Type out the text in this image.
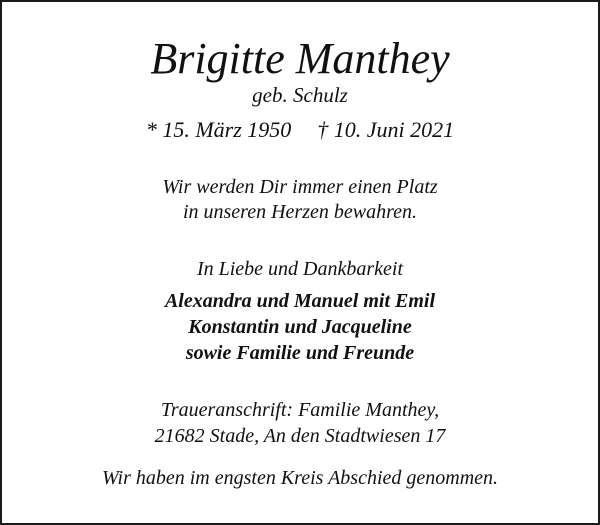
Brigitte Manthey
geb. Schulz
* 15. März 1950 † 10. Juni 2021
Wir werden Dir immer einen Platz
in unseren Herzen bewahren.
In Liebe und Dankbarkeit
Alexandra und Manuel mit Emil
Konstantin und Jacqueline
sowie Familie und Freunde
Traueranschrift: Familie Manthey,
21682 Stade, An den Stadtwiesen 17
Wir haben im engsten Kreis Abschied genommen.
